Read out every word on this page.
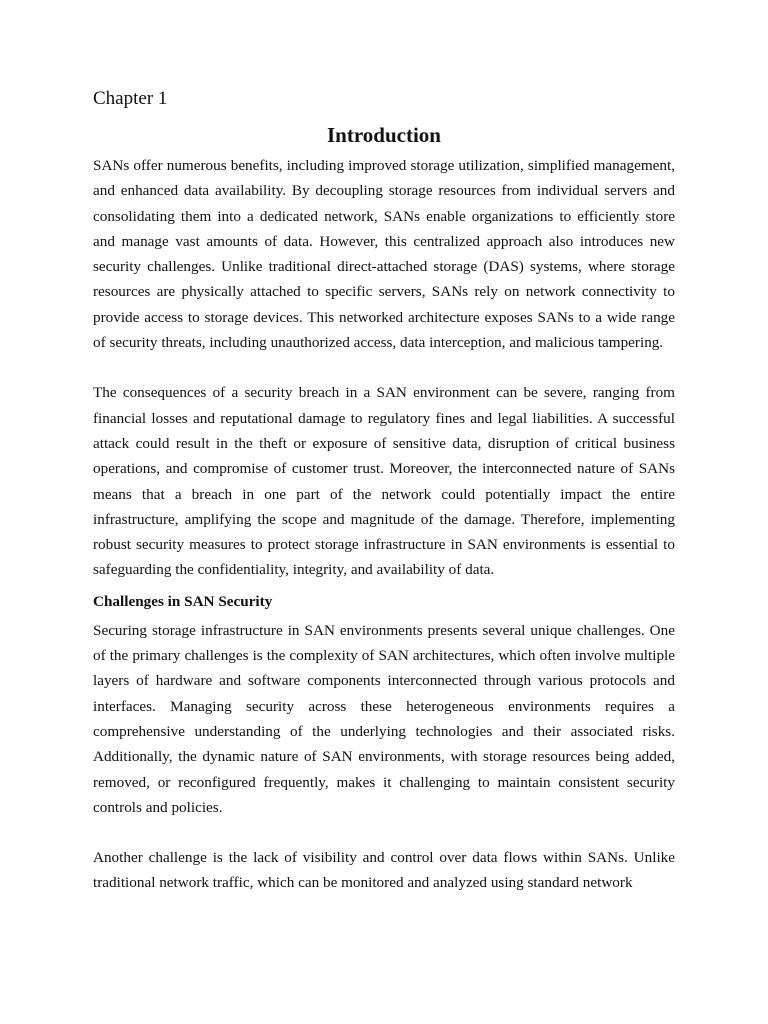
Chapter 1

Introduction

SANs offer numerous benefits, including improved storage utilization, simplified management, and enhanced data availability. By decoupling storage resources from individual servers and consolidating them into a dedicated network, SANs enable organizations to efficiently store and manage vast amounts of data. However, this centralized approach also introduces new security challenges. Unlike traditional direct-attached storage (DAS) systems, where storage resources are physically attached to specific servers, SANs rely on network connectivity to provide access to storage devices. This networked architecture exposes SANs to a wide range of security threats, including unauthorized access, data interception, and malicious tampering.

The consequences of a security breach in a SAN environment can be severe, ranging from financial losses and reputational damage to regulatory fines and legal liabilities. A successful attack could result in the theft or exposure of sensitive data, disruption of critical business operations, and compromise of customer trust. Moreover, the interconnected nature of SANs means that a breach in one part of the network could potentially impact the entire infrastructure, amplifying the scope and magnitude of the damage. Therefore, implementing robust security measures to protect storage infrastructure in SAN environments is essential to safeguarding the confidentiality, integrity, and availability of data.

Challenges in SAN Security

Securing storage infrastructure in SAN environments presents several unique challenges. One of the primary challenges is the complexity of SAN architectures, which often involve multiple layers of hardware and software components interconnected through various protocols and interfaces. Managing security across these heterogeneous environments requires a comprehensive understanding of the underlying technologies and their associated risks. Additionally, the dynamic nature of SAN environments, with storage resources being added, removed, or reconfigured frequently, makes it challenging to maintain consistent security controls and policies.

Another challenge is the lack of visibility and control over data flows within SANs. Unlike traditional network traffic, which can be monitored and analyzed using standard network
